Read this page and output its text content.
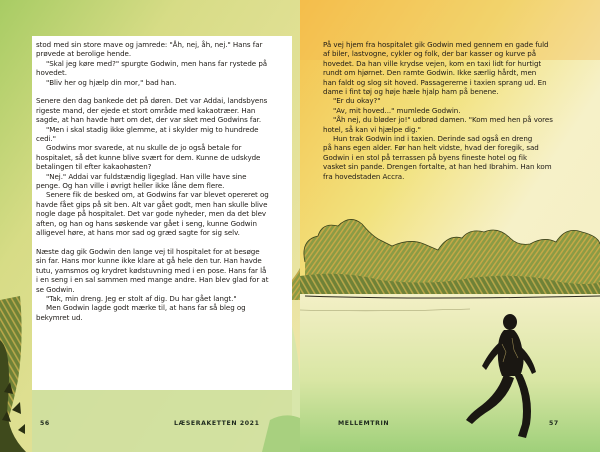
stod med sin store mave og jamrede: "Åh, nej, åh, nej." Hans far

prøvede at berolige hende.

"Skal jeg køre med?" spurgte Godwin, men hans far rystede på

hovedet.

"Bliv her og hjælp din mor," bad han.

Senere den dag bankede det på døren. Det var Addai, landsbyens

rigeste mand, der ejede et stort område med kakaotræer. Han

sagde, at han havde hørt om det, der var sket med Godwins far.

"Men i skal stadig ikke glemme, at i skylder mig to hundrede

cedi."

Godwins mor svarede, at nu skulle de jo også betale for

hospitalet, så det kunne blive svært for dem. Kunne de udskyde

betalingen til efter kakaohøsten?

"Nej." Addai var fuldstændig ligeglad. Han ville have sine

penge. Og han ville i øvrigt heller ikke låne dem flere.

Senere fik de besked om, at Godwins far var blevet opereret og

havde fået gips på sit ben. Alt var gået godt, men han skulle blive

nogle dage på hospitalet. Det var gode nyheder, men da det blev

aften, og han og hans søskende var gået i seng, kunne Godwin

alligevel høre, at hans mor sad og græd sagte for sig selv.

Næste dag gik Godwin den lange vej til hospitalet for at besøge

sin far. Hans mor kunne ikke klare at gå hele den tur. Han havde

tutu, yamsmos og krydret kødstuvning med i en pose. Hans far lå

i en seng i en sal sammen med mange andre. Han blev glad for at

se Godwin.

"Tak, min dreng. Jeg er stolt af dig. Du har gået langt."

Men Godwin lagde godt mærke til, at hans far så bleg og

bekymret ud.

På vej hjem fra hospitalet gik Godwin med gennem en gade fuld

af biler, lastvogne, cykler og folk, der bar kasser og kurve på

hovedet. Da han ville krydse vejen, kom en taxi lidt for hurtigt

rundt om hjørnet. Den ramte Godwin. Ikke særlig hårdt, men

han faldt og slog sit hoved. Passagererne i taxien sprang ud. En

dame i fint tøj og høje hæle hjalp ham på benene.

"Er du okay?"

"Av, mit hoved..." mumlede Godwin.

"Åh nej, du bløder jo!" udbrød damen. "Kom med hen på vores

hotel, så kan vi hjælpe dig."

Hun trak Godwin ind i taxien. Derinde sad også en dreng

på hans egen alder. Før han helt vidste, hvad der foregik, sad

Godwin i en stol på terrassen på byens fineste hotel og fik

vasket sin pande. Drengen fortalte, at han hed Ibrahim. Han kom

fra hovedstaden Accra.

56	LÆSERAKETTEN 2021	MELLEMTRIN	57
